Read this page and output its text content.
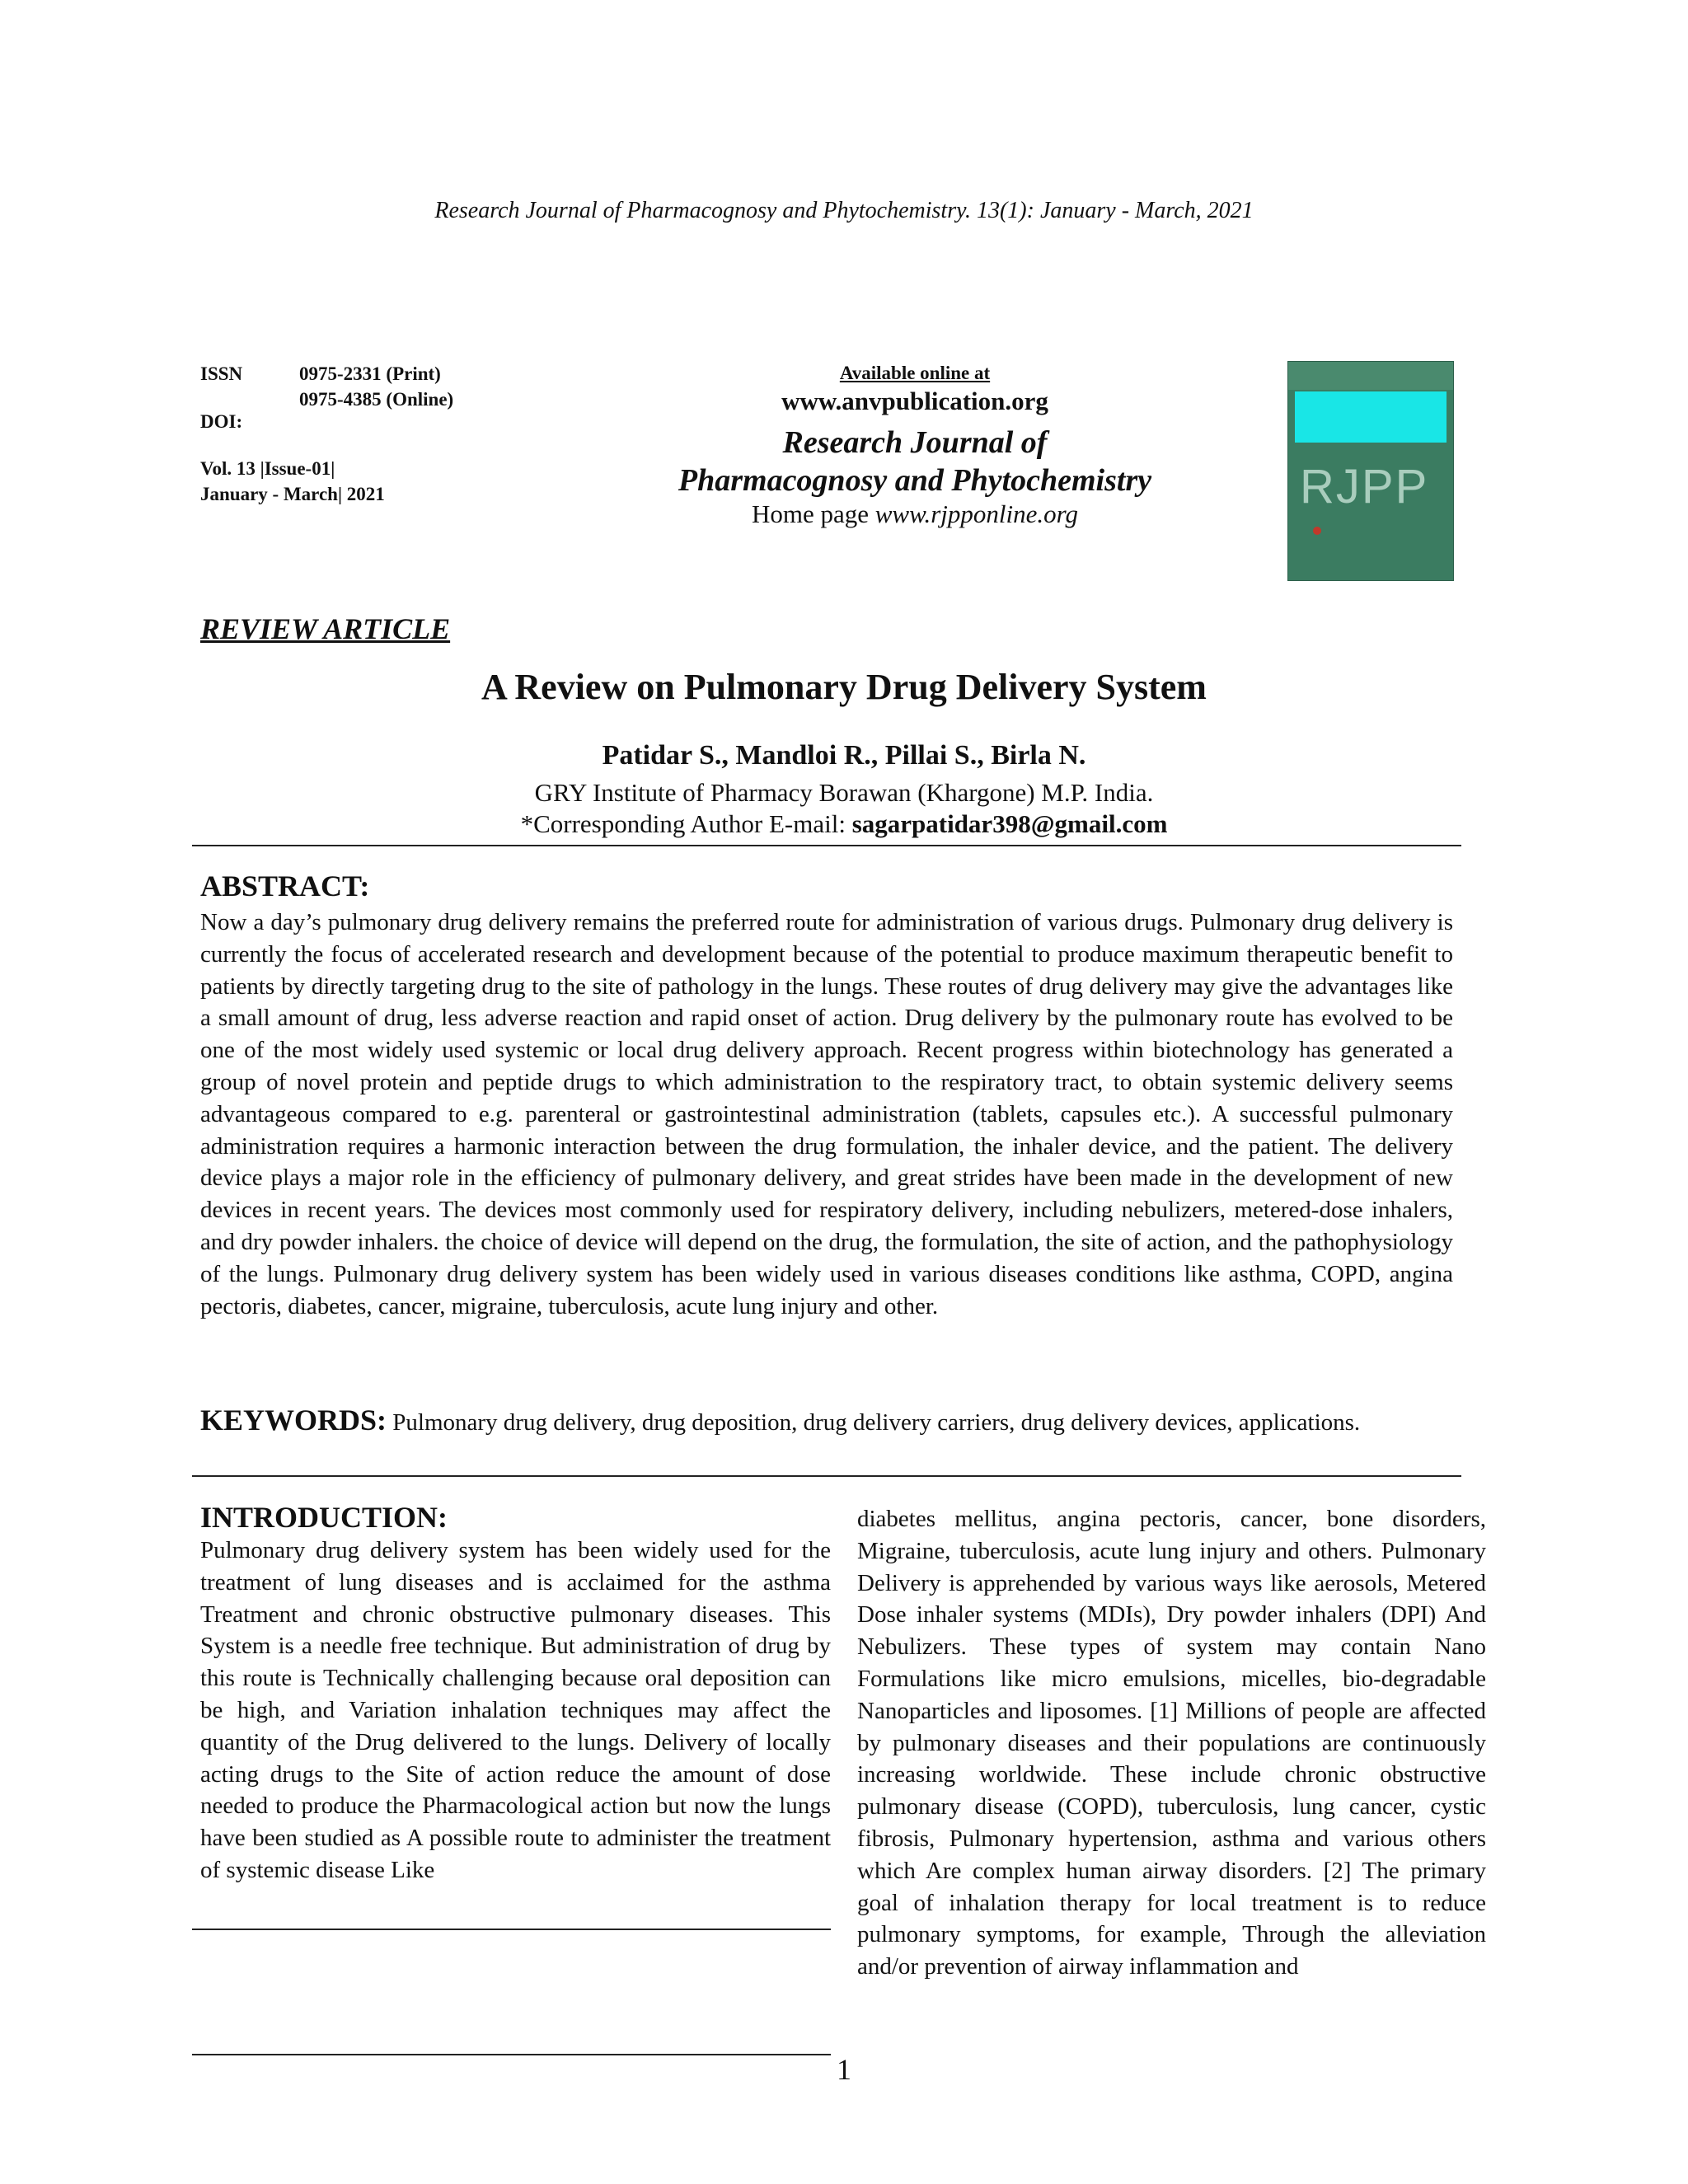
Research Journal of Pharmacognosy and Phytochemistry. 13(1): January - March, 2021
ISSN	0975-2331 (Print)
0975-4385 (Online)
DOI:
Vol. 13 |Issue-01|
January - March| 2021
Available online at
www.anvpublication.org
Research Journal of
Pharmacognosy and Phytochemistry
Home page www.rjpponline.org
RJPP
REVIEW ARTICLE
A Review on Pulmonary Drug Delivery System
Patidar S., Mandloi R., Pillai S., Birla N.
GRY Institute of Pharmacy Borawan (Khargone) M.P. India.
*Corresponding Author E-mail: sagarpatidar398@gmail.com
ABSTRACT:
Now a day’s pulmonary drug delivery remains the preferred route for administration of various drugs. Pulmonary drug delivery is currently the focus of accelerated research and development because of the potential to produce maximum therapeutic benefit to patients by directly targeting drug to the site of pathology in the lungs. These routes of drug delivery may give the advantages like a small amount of drug, less adverse reaction and rapid onset of action. Drug delivery by the pulmonary route has evolved to be one of the most widely used systemic or local drug delivery approach. Recent progress within biotechnology has generated a group of novel protein and peptide drugs to which administration to the respiratory tract, to obtain systemic delivery seems advantageous compared to e.g. parenteral or gastrointestinal administration (tablets, capsules etc.). A successful pulmonary administration requires a harmonic interaction between the drug formulation, the inhaler device, and the patient. The delivery device plays a major role in the efficiency of pulmonary delivery, and great strides have been made in the development of new devices in recent years. The devices most commonly used for respiratory delivery, including nebulizers, metered-dose inhalers, and dry powder inhalers. the choice of device will depend on the drug, the formulation, the site of action, and the pathophysiology of the lungs. Pulmonary drug delivery system has been widely used in various diseases conditions like asthma, COPD, angina pectoris, diabetes, cancer, migraine, tuberculosis, acute lung injury and other.
KEYWORDS: Pulmonary drug delivery, drug deposition, drug delivery carriers, drug delivery devices, applications.
INTRODUCTION:
Pulmonary drug delivery system has been widely used for the treatment of lung diseases and is acclaimed for the asthma Treatment and chronic obstructive pulmonary diseases. This System is a needle free technique. But administration of drug by this route is Technically challenging because oral deposition can be high, and Variation inhalation techniques may affect the quantity of the Drug delivered to the lungs. Delivery of locally acting drugs to the Site of action reduce the amount of dose needed to produce the Pharmacological action but now the lungs have been studied as A possible route to administer the treatment of systemic disease Like
diabetes mellitus, angina pectoris, cancer, bone disorders, Migraine, tuberculosis, acute lung injury and others. Pulmonary Delivery is apprehended by various ways like aerosols, Metered Dose inhaler systems (MDIs), Dry powder inhalers (DPI) And Nebulizers. These types of system may contain Nano Formulations like micro emulsions, micelles, bio-degradable Nanoparticles and liposomes. [1] Millions of people are affected by pulmonary diseases and their populations are continuously increasing worldwide. These include chronic obstructive pulmonary disease (COPD), tuberculosis, lung cancer, cystic fibrosis, Pulmonary hypertension, asthma and various others which Are complex human airway disorders. [2] The primary goal of inhalation therapy for local treatment is to reduce pulmonary symptoms, for example, Through the alleviation and/or prevention of airway inflammation and
1
